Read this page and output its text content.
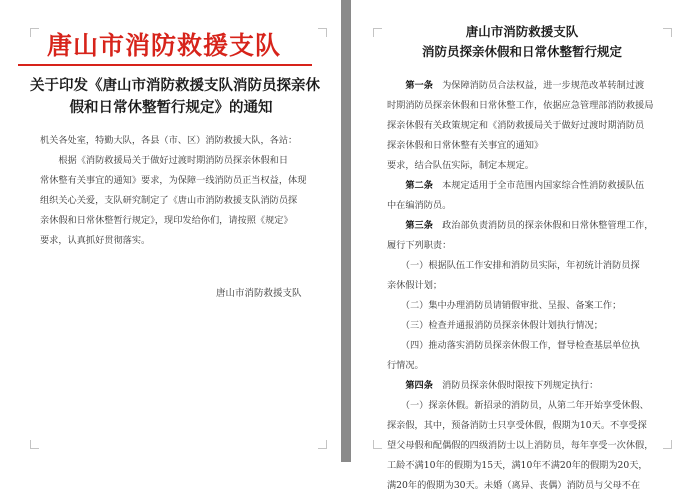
唐山市消防救援支队
关于印发《唐山市消防救援支队消防员探亲休
假和日常休整暂行规定》的通知
机关各处室，特勤大队，各县（市、区）消防救援大队，各站：
　　根据《消防救援局关于做好过渡时期消防员探亲休假和日
常休整有关事宜的通知》要求，为保障一线消防员正当权益，体现
组织关心关爱，支队研究制定了《唐山市消防救援支队消防员探
亲休假和日常休整暂行规定》，现印发给你们，请按照《规定》
要求，认真抓好贯彻落实。
唐山市消防救援支队
唐山市消防救援支队
消防员探亲休假和日常休整暂行规定
　　第一条　为保障消防员合法权益，进一步规范改革转制过渡
时期消防员探亲休假和日常休整工作，依据应急管理部消防救援局
探亲休假有关政策规定和《消防救援局关于做好过渡时期消防员
探亲休假和日常休整有关事宜的通知》
要求，结合队伍实际，制定本规定。
　　第二条　本规定适用于全市范围内国家综合性消防救援队伍
中在编消防员。
　　第三条　政治部负责消防员的探亲休假和日常休整管理工作，
履行下列职责：
　　（一）根据队伍工作安排和消防员实际，年初统计消防员探
亲休假计划；
　　（二）集中办理消防员请销假审批、呈报、备案工作；
　　（三）检查并通报消防员探亲休假计划执行情况；
　　（四）推动落实消防员探亲休假工作，督导检查基层单位执
行情况。
　　第四条　消防员探亲休假时限按下列规定执行：
　　（一）探亲休假。新招录的消防员，从第二年开始享受休假、
探亲假，其中，预备消防士只享受休假，假期为10天。不享受探
望父母假和配偶假的四级消防士以上消防员，每年享受一次休假，
工龄不满10年的假期为15天，满10年不满20年的假期为20天，
满20年的假期为30天。未婚（离异、丧偶）消防员与父母不在
